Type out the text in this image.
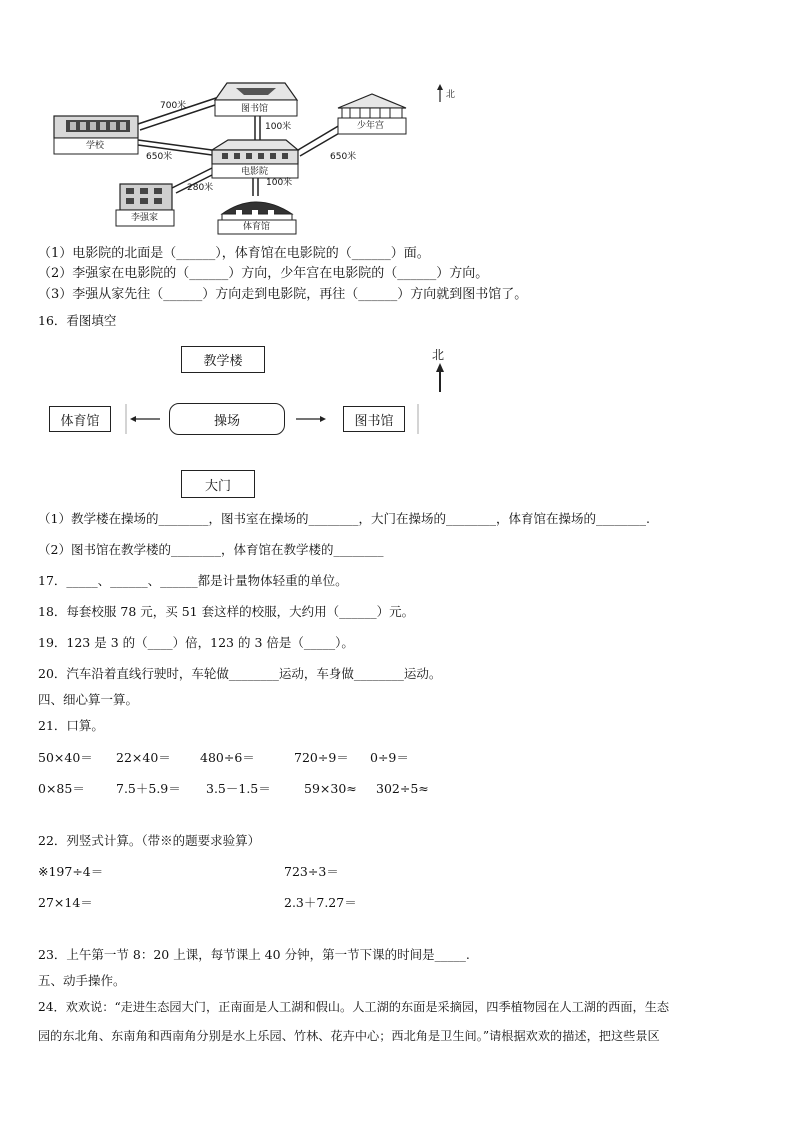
图书馆
少年宫
学校
电影院
李强家
体育馆
北
700米
100米
650米	650米
280米	100米
（1）电影院的北面是（______），体育馆在电影院的（______）面。
（2）李强家在电影院的（______）方向，少年宫在电影院的（______）方向。
（3）李强从家先往（______）方向走到电影院，再往（______）方向就到图书馆了。
16．看图填空
教学楼
操场
体育馆	图书馆
大门
北
（1）教学楼在操场的________，图书室在操场的________，大门在操场的________，体育馆在操场的________.
（2）图书馆在教学楼的________，体育馆在教学楼的________
17．_____、______、______都是计量物体轻重的单位。
18．每套校服 78 元，买 51 套这样的校服，大约用（______）元。
19．123 是 3 的（____）倍，123 的 3 倍是（_____）。
20．汽车沿着直线行驶时，车轮做________运动，车身做________运动。
四、细心算一算。
21．口算。
50×40＝ 22×40＝ 480÷6＝	720÷9＝ 0÷9＝
0×85＝ 7.5＋5.9＝ 3.5－1.5＝	59×30≈ 302÷5≈
22．列竖式计算。（带※的题要求验算）
※197÷4＝	723÷3＝
27×14＝	2.3＋7.27＝
23．上午第一节 8：20 上课，每节课上 40 分钟，第一节下课的时间是_____.
五、动手操作。
24．欢欢说：“走进生态园大门，正南面是人工湖和假山。人工湖的东面是采摘园，四季植物园在人工湖的西面，生态
园的东北角、东南角和西南角分别是水上乐园、竹林、花卉中心；西北角是卫生间。”请根据欢欢的描述，把这些景区
